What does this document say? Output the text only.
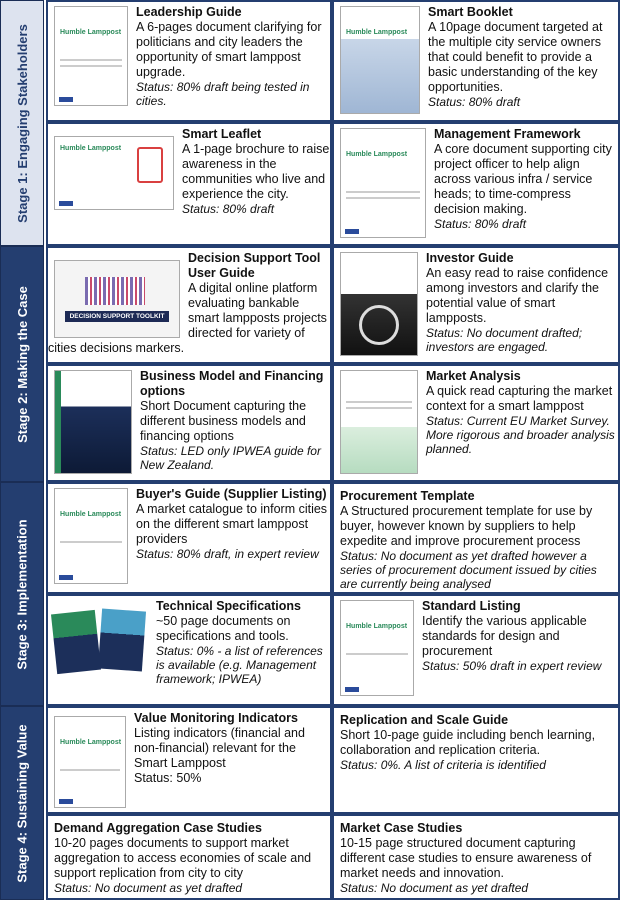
Stage 1: Engaging Stakeholders
Stage 2: Making the Case
Stage 3: Implementation
Stage 4: Sustaining Value
Humble Lamppost
Leadership Guide
A 6-pages document clarifying for politicians and city leaders the opportunity of smart lamppost upgrade.
Status: 80% draft being tested in cities.
Humble Lamppost
Smart Booklet
A 10page document targeted at the multiple city service owners that could benefit to provide a basic understanding of the key opportunities.
Status: 80% draft
Humble Lamppost
Smart Leaflet
A 1-page brochure to raise awareness in the communities who live and experience the city.
Status: 80% draft
Humble Lamppost
Management Framework
A core document supporting city project officer to help align across various infra / service heads; to time-compress decision making.
Status: 80% draft
DECISION SUPPORT TOOLKIT
Decision Support Tool User Guide
A digital online platform evaluating bankable smart lampposts projects directed for variety of cities decisions markers.
Investor Guide
An easy read to raise confidence among investors and clarify the potential value of smart lampposts.
Status: No document drafted; investors are engaged.
Business Model and Financing options
Short Document capturing the different business models and financing options
Status: LED only IPWEA guide for New Zealand.
Market Analysis
A quick read capturing the market context for a smart lamppost
Status: Current EU Market Survey. More rigorous and broader analysis planned.
Humble Lamppost
Buyer's Guide (Supplier Listing)
A market catalogue to inform cities on the different smart lamppost providers
Status: 80% draft, in expert review
Procurement Template
A Structured procurement template for use by buyer, however known by suppliers to help expedite and improve procurement process
Status: No document as yet drafted however a series of procurement document issued by cities are currently being analysed
Technical Specifications
~50 page documents on specifications and tools.
Status: 0% - a list of references is available (e.g. Management framework; IPWEA)
Humble Lamppost
Standard Listing
Identify the various applicable standards for design and procurement
Status: 50% draft in expert review
Humble Lamppost
Value Monitoring Indicators
Listing indicators (financial and non-financial) relevant for the Smart Lamppost
Status: 50%
Replication and Scale Guide
Short 10-page guide including bench learning, collaboration and replication criteria.
Status: 0%. A list of criteria is identified
Demand Aggregation Case Studies
10-20 pages documents to support market aggregation to access economies of scale and support replication from city to city
Status: No document as yet drafted
Market Case Studies
10-15 page structured document capturing different case studies to ensure awareness of market needs and innovation.
Status: No document as yet drafted
